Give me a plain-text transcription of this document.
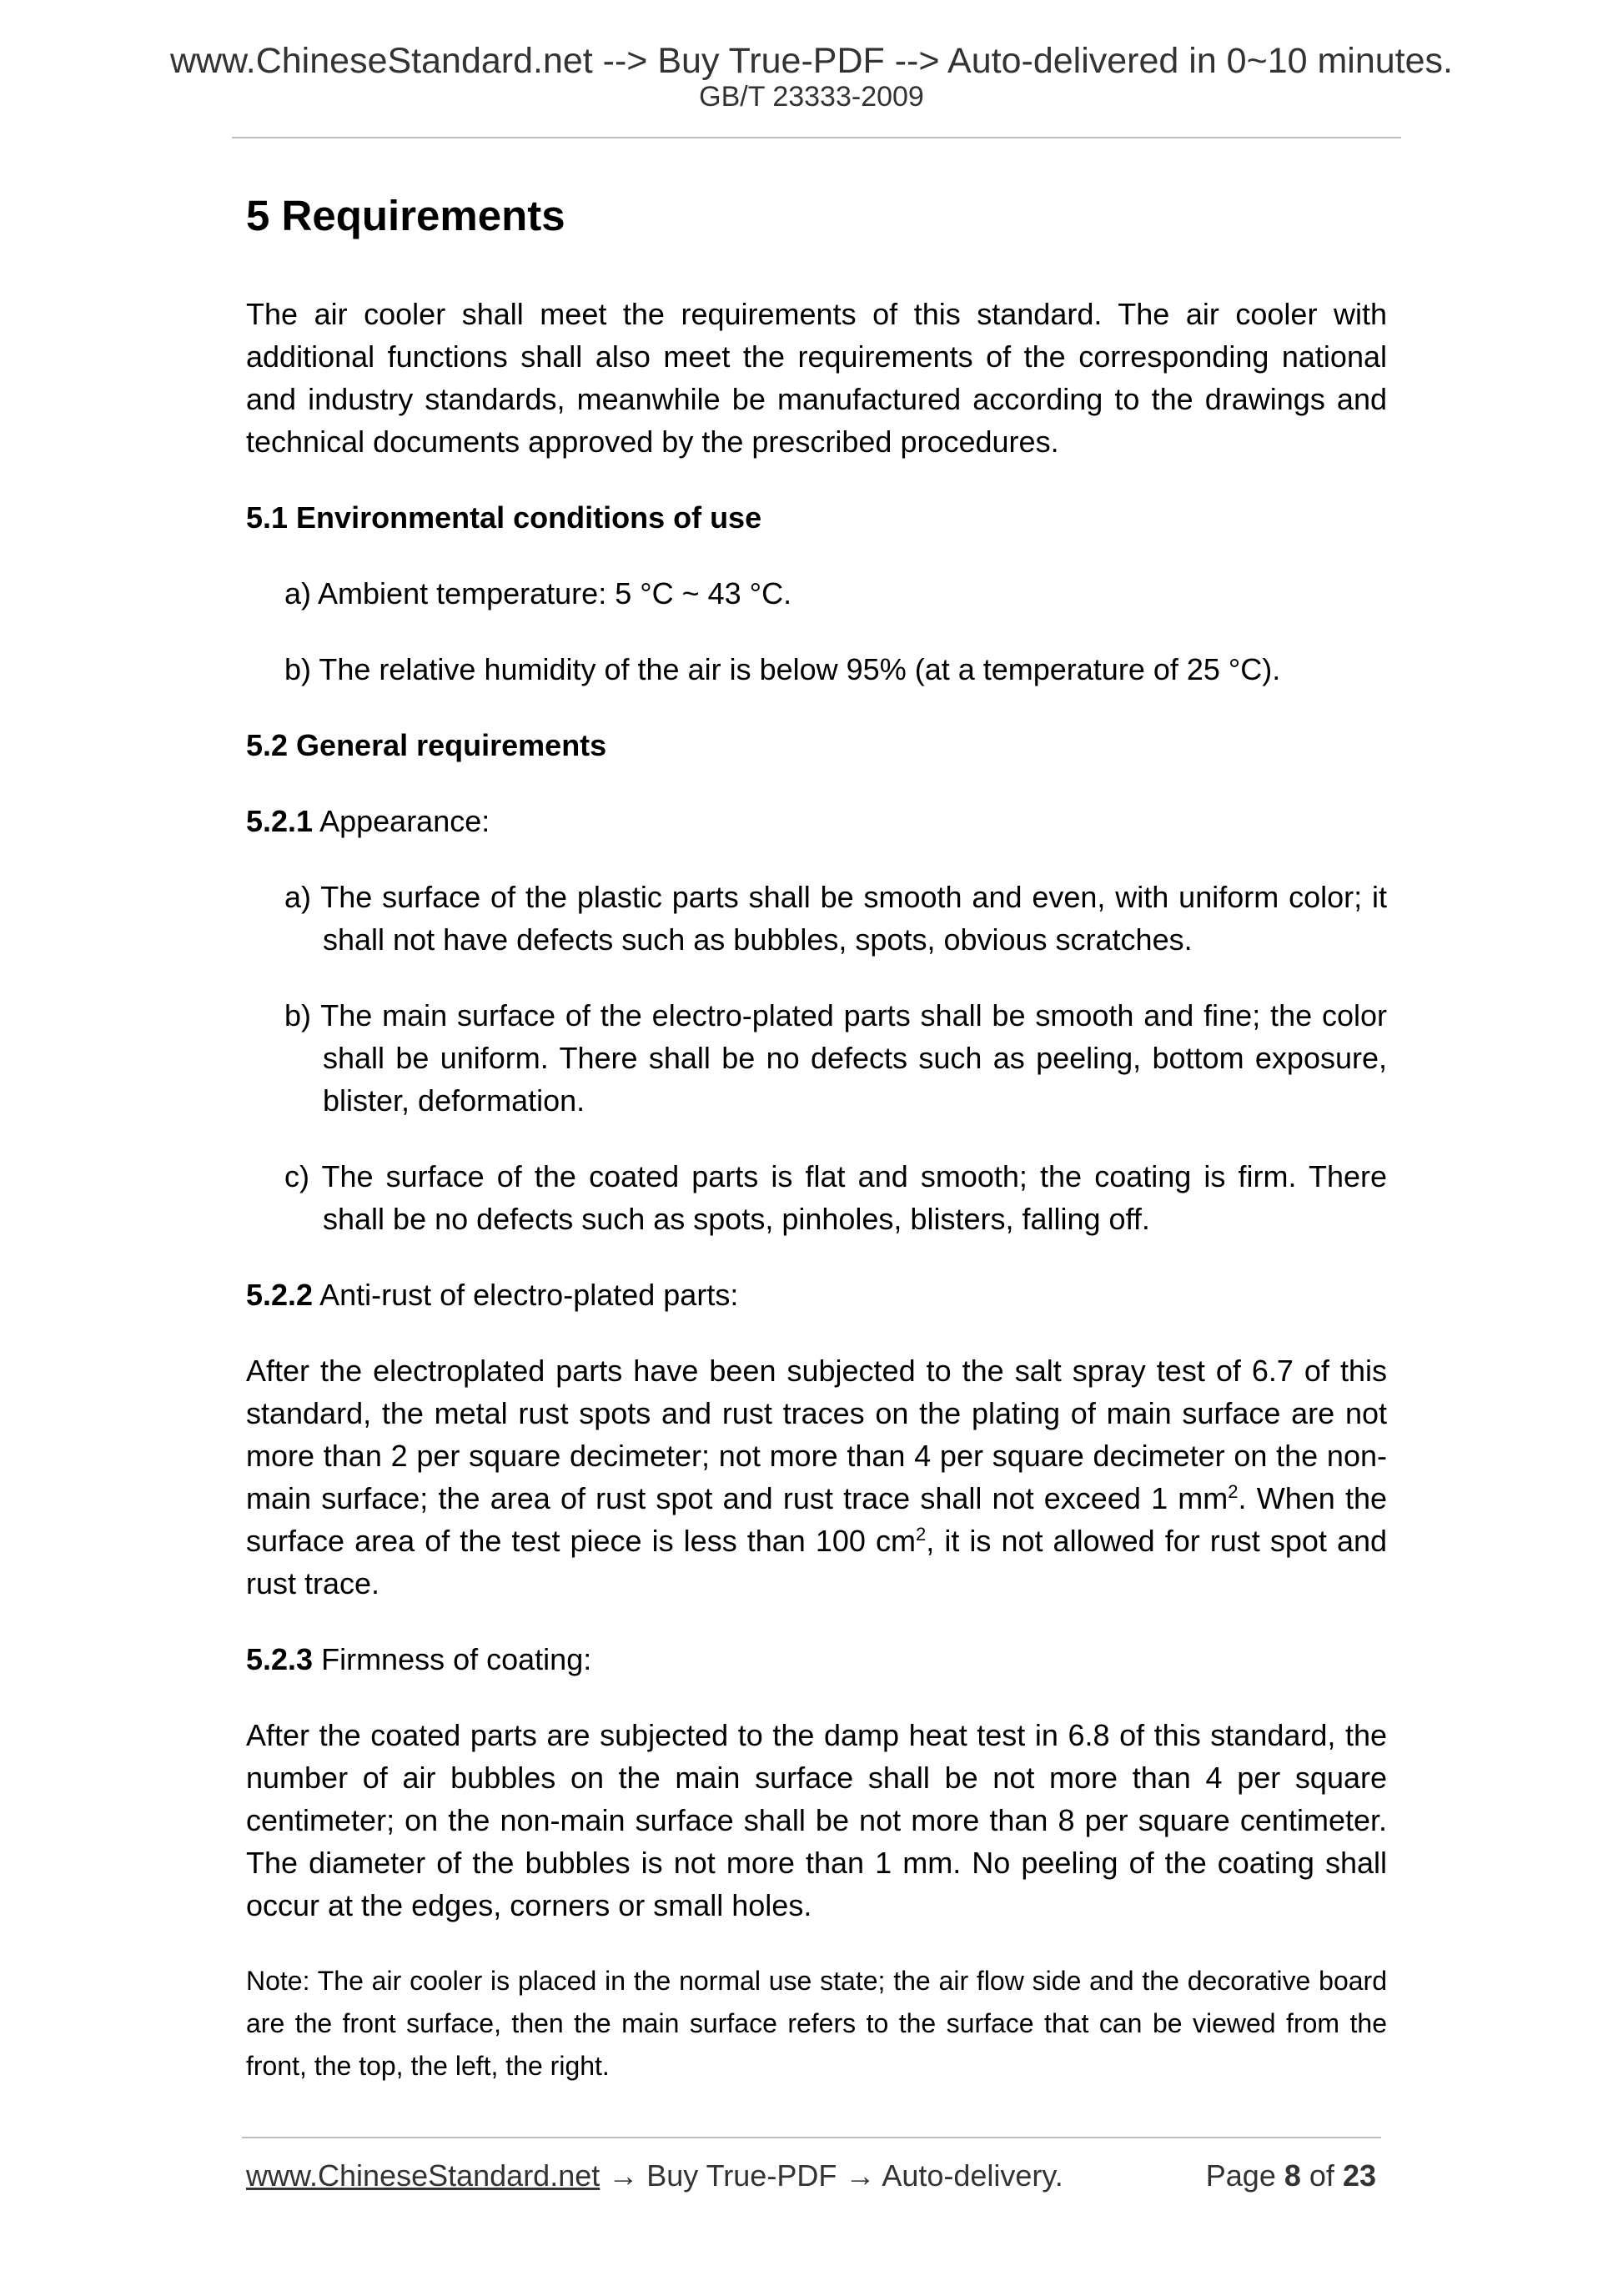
www.ChineseStandard.net --> Buy True-PDF --> Auto-delivered in 0~10 minutes.
GB/T 23333-2009
5 Requirements

The air cooler shall meet the requirements of this standard. The air cooler with additional functions shall also meet the requirements of the corresponding national and industry standards, meanwhile be manufactured according to the drawings and technical documents approved by the prescribed procedures.

5.1 Environmental conditions of use

a) Ambient temperature: 5 °C ~ 43 °C.

b) The relative humidity of the air is below 95% (at a temperature of 25 °C).

5.2 General requirements

5.2.1 Appearance:

a) The surface of the plastic parts shall be smooth and even, with uniform color; it shall not have defects such as bubbles, spots, obvious scratches.

b) The main surface of the electro-plated parts shall be smooth and fine; the color shall be uniform. There shall be no defects such as peeling, bottom exposure, blister, deformation.

c) The surface of the coated parts is flat and smooth; the coating is firm. There shall be no defects such as spots, pinholes, blisters, falling off.

5.2.2 Anti-rust of electro-plated parts:

After the electroplated parts have been subjected to the salt spray test of 6.7 of this standard, the metal rust spots and rust traces on the plating of main surface are not more than 2 per square decimeter; not more than 4 per square decimeter on the non-main surface; the area of rust spot and rust trace shall not exceed 1 $mm^2$. When the surface area of the test piece is less than 100 $cm^2$, it is not allowed for rust spot and rust trace.

5.2.3 Firmness of coating:

After the coated parts are subjected to the damp heat test in 6.8 of this standard, the number of air bubbles on the main surface shall be not more than 4 per square centimeter; on the non-main surface shall be not more than 8 per square centimeter. The diameter of the bubbles is not more than 1 mm. No peeling of the coating shall occur at the edges, corners or small holes.

Note: The air cooler is placed in the normal use state; the air flow side and the decorative board are the front surface, then the main surface refers to the surface that can be viewed from the front, the top, the left, the right.

www.ChineseStandard.net → Buy True-PDF → Auto-delivery.	Page 8 of 23
